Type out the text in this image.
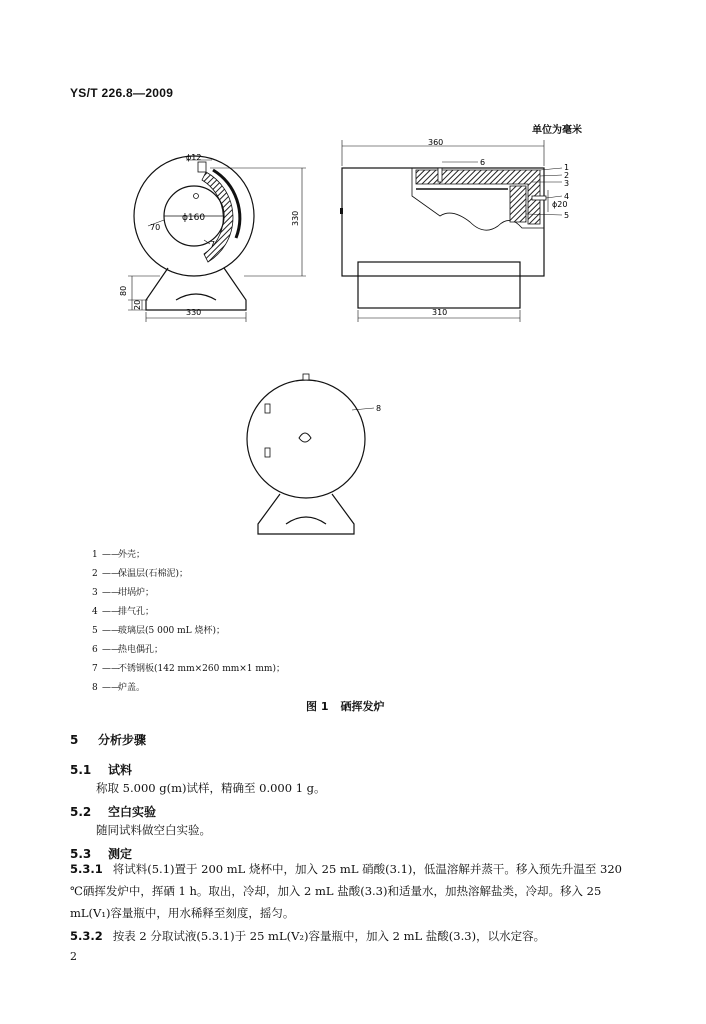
YS/T 226.8—2009
单位为毫米
ϕ12
ϕ160
70
7
330
80
20
330
360
310
ϕ20
6
1
2
3
4
5
8
1 ——
外壳；
2 ——
保温层(石棉泥)；
3 ——
坩埚炉；
4 ——
排气孔；
5 ——
玻璃层(5 000 mL 烧杯)；
6 ——
热电偶孔；
7 ——
不锈钢板(142 mm×260 mm×1 mm)；
8 ——
炉盖。
图 1 硒挥发炉
5 分析步骤
5.1 试料
称取 5.000 g(m)试样，精确至 0.000 1 g。
5.2 空白实验
随同试料做空白实验。
5.3 测定
5.3.1 将试料(5.1)置于 200 mL 烧杯中，加入 25 mL 硝酸(3.1)，低温溶解并蒸干。移入预先升温至 320 ℃硒挥发炉中，挥硒 1 h。取出，冷却，加入 2 mL 盐酸(3.3)和适量水，加热溶解盐类，冷却。移入 25 mL(V₁)容量瓶中，用水稀释至刻度，摇匀。
5.3.2 按表 2 分取试液(5.3.1)于 25 mL(V₂)容量瓶中，加入 2 mL 盐酸(3.3)，以水定容。
2
